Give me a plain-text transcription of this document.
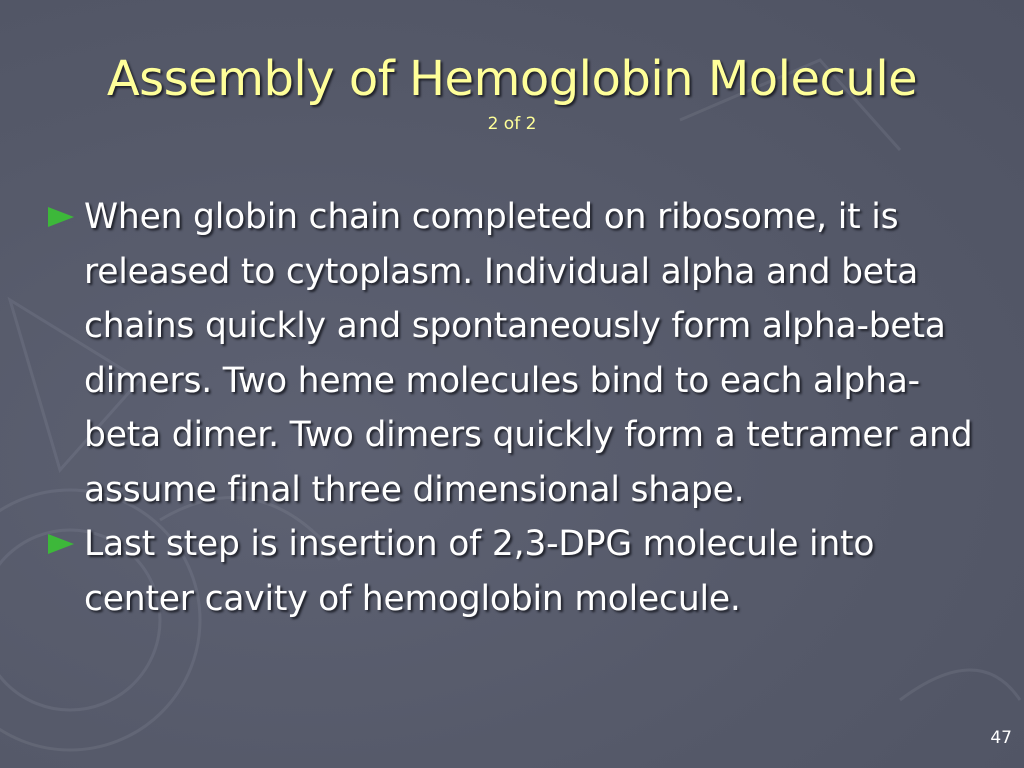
Assembly of Hemoglobin Molecule
2 of 2
When globin chain completed on ribosome, it is released to cytoplasm. Individual alpha and beta chains quickly and spontaneously form alpha-beta dimers. Two heme molecules bind to each alpha-beta dimer. Two dimers quickly form a tetramer and assume final three dimensional shape.
Last step is insertion of 2,3-DPG molecule into center cavity of hemoglobin molecule.
47
